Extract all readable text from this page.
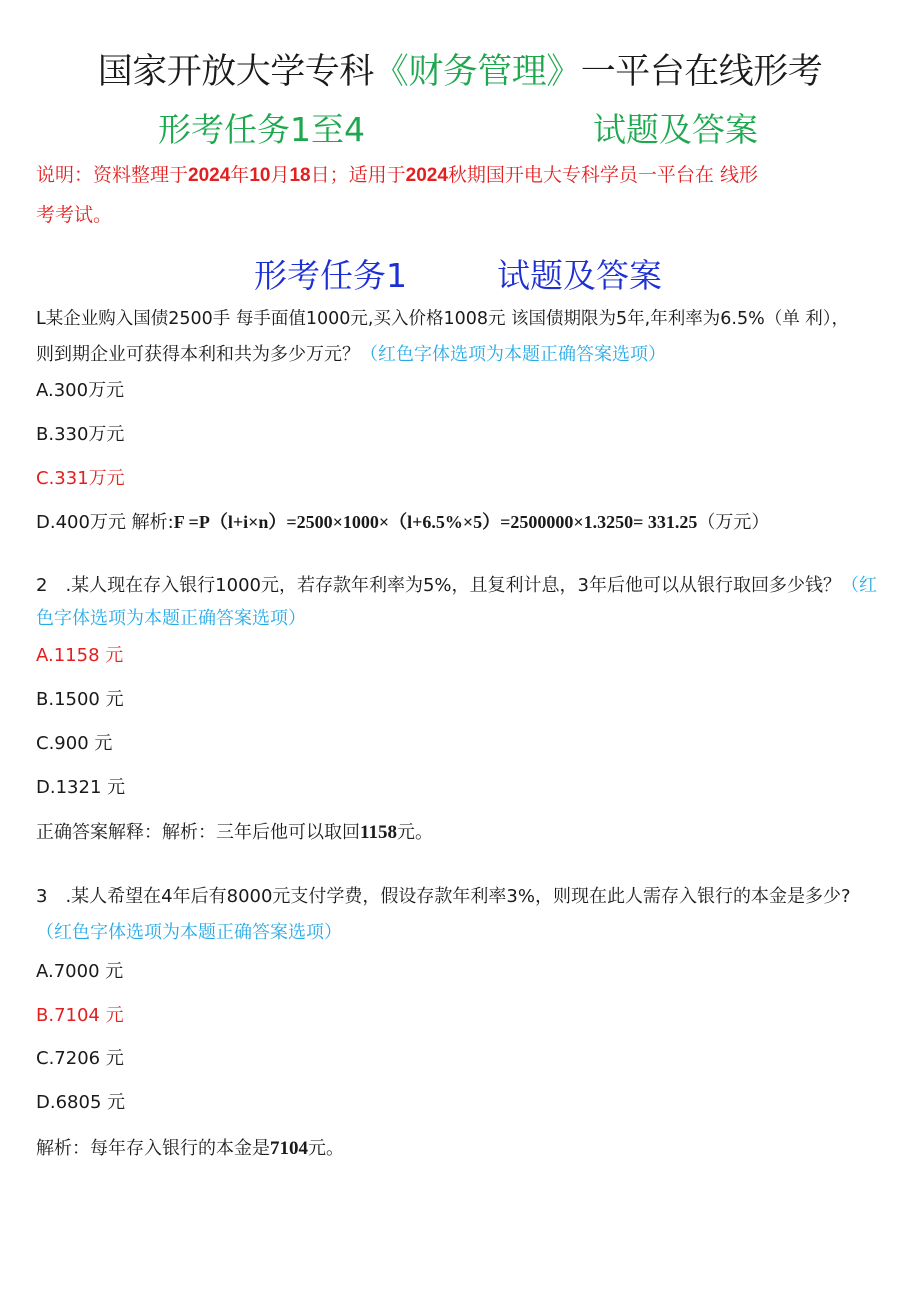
国家开放大学专科《财务管理》一平台在线形考
形考任务1至4	试题及答案
说明：资料整理于2024年10月18日；适用于2024秋期国开电大专科学员一平台在 线形
考考试。
形考任务1	试题及答案
L某企业购入国债2500手 每手面值1000元,买入价格1008元 该国债期限为5年,年利率为6.5%（单 利），
则到期企业可获得本利和共为多少万元？（红色字体选项为本题正确答案选项）
A.300万元
B.330万元
C.331万元
D.400万元 解析:F =P（l+i×n）=2500×1000×（l+6.5%×5）=2500000×1.3250= 331.25（万元）
2　.某人现在存入银行1000元，若存款年利率为5%，且复利计息，3年后他可以从银行取回多少钱？（红
色字体选项为本题正确答案选项）
A.1158 元
B.1500 元
C.900 元
D.1321 元
正确答案解释：解析：三年后他可以取回1158元。
3　.某人希望在4年后有8000元支付学费，假设存款年利率3%，则现在此人需存入银行的本金是多少?
（红色字体选项为本题正确答案选项）
A.7000 元
B.7104 元
C.7206 元
D.6805 元
解析：每年存入银行的本金是7104元。
